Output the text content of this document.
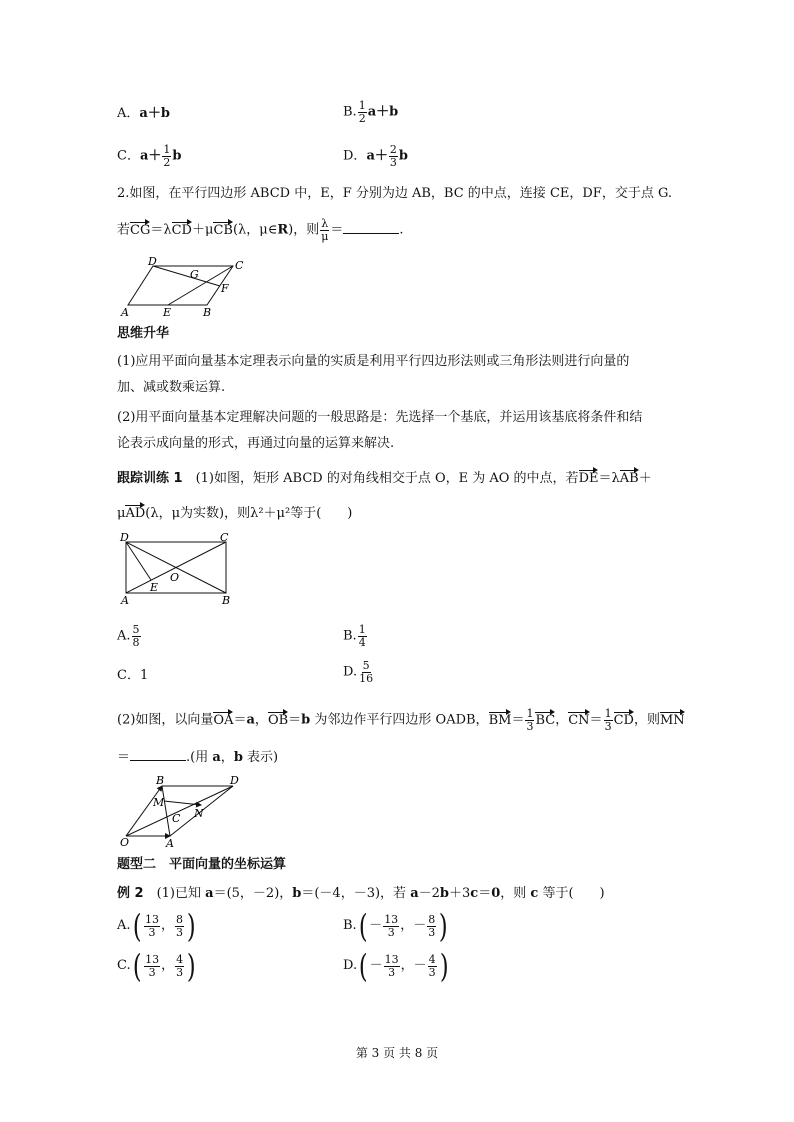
A．a＋b	B. $\frac{1}{2} a+b$
C．$a+ \frac{1}{2}$ b	D．$a+ \frac{2}{3}$ b
2.如图，在平行四边形 ABCD 中，E，F 分别为边 AB，BC 的中点，连接 CE，DF，交于点 G.
若CG＝λCD＋μCB(λ，μ∈R)，则 $\frac{\lambda}{\mu}$ ＝	.
D
G
C
F
A	E	B
思维升华
(1)应用平面向量基本定理表示向量的实质是利用平行四边形法则或三角形法则进行向量的
加、减或数乘运算.
(2)用平面向量基本定理解决问题的一般思路是：先选择一个基底，并运用该基底将条件和结
论表示成向量的形式，再通过向量的运算来解决.
跟踪训练 1　 (1)如图，矩形 ABCD 的对角线相交于点 O，E 为 AO 的中点，若DE＝λAB＋
μAD(λ，μ为实数)，则λ²＋μ²等于(　　)
D	C
O
E
A	B
A. $\frac{5}{8}$	B. $\frac{1}{4}$
C．1	D. $\frac{5}{16}$
(2)如图，以向量OA＝a，OB＝b 为邻边作平行四边形 OADB，$BM= \frac{1}{3}$ BC，$CN= \frac{1}{3}$ CD，则MN
＝	.(用 a，b 表示)
B	D
M
N
C
O	A
题型二　平面向量的坐标运算
例 2　(1)已知 a＝(5，－2)，b＝(－4，－3)，若 a－2b＋3c＝0，则 c 等于(　　)
A. ( $\frac{13}{3}$ ， $\frac{8}{3}$ )	B. ( － $\frac{13}{3}$ ， － $\frac{8}{3}$ )
C. ( $\frac{13}{3}$ ， $\frac{4}{3}$ )	D. ( － $\frac{13}{3}$ ， － $\frac{4}{3}$ )
第 3 页 共 8 页
